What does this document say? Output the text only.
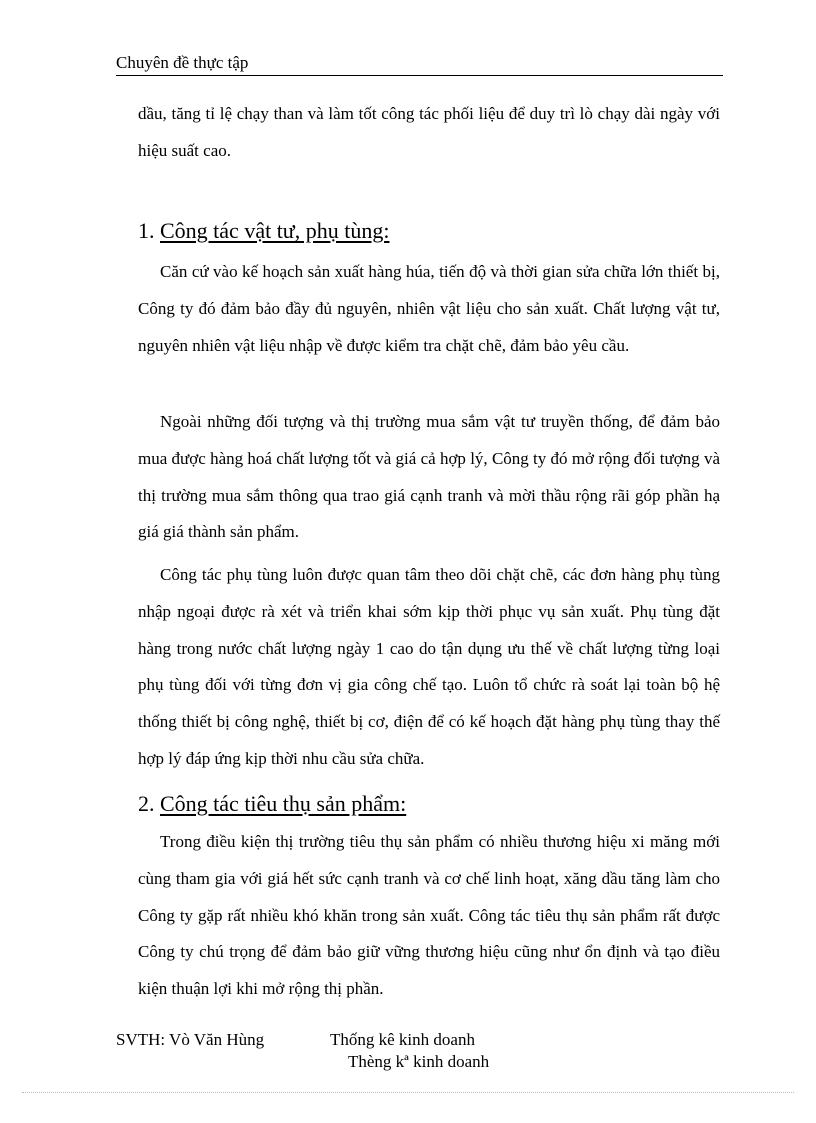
Chuyên đề thực tập

dầu, tăng tỉ lệ chạy than và làm tốt công tác phối liệu để duy trì lò chạy dài ngày với hiệu suất cao.

1. Công tác vật tư, phụ tùng:

Căn cứ vào kế hoạch sản xuất hàng húa, tiến độ và thời gian sửa chữa lớn thiết bị, Công ty đó đảm bảo đầy đủ nguyên, nhiên vật liệu cho sản xuất. Chất lượng vật tư, nguyên nhiên vật liệu nhập về được kiểm tra chặt chẽ, đảm bảo yêu cầu.

Ngoài những đối tượng và thị trường mua sắm vật tư truyền thống, để đảm bảo mua được hàng hoá chất lượng tốt và giá cả hợp lý, Công ty đó mở rộng đối tượng và thị trường mua sắm thông qua trao giá cạnh tranh và mời thầu rộng rãi góp phần hạ giá giá thành sản phẩm.

Công tác phụ tùng luôn được quan tâm theo dõi chặt chẽ, các đơn hàng phụ tùng nhập ngoại được rà xét và triển khai sớm kịp thời phục vụ sản xuất. Phụ tùng đặt hàng trong nước chất lượng ngày 1 cao do tận dụng ưu thế về chất lượng từng loại phụ tùng đối với từng đơn vị gia công chế tạo. Luôn tổ chức rà soát lại toàn bộ hệ thống thiết bị công nghệ, thiết bị cơ, điện để có kế hoạch đặt hàng phụ tùng thay thế hợp lý đáp ứng kịp thời nhu cầu sửa chữa.

2. Công tác tiêu thụ sản phẩm:

Trong điều kiện thị trường tiêu thụ sản phẩm có nhiều thương hiệu xi măng mới cùng tham gia với giá hết sức cạnh tranh và cơ chế linh hoạt, xăng dầu tăng làm cho Công ty gặp rất nhiều khó khăn trong sản xuất. Công tác tiêu thụ sản phẩm rất được Công ty chú trọng để đảm bảo giữ vững thương hiệu cũng như ổn định và tạo điều kiện thuận lợi khi mở rộng thị phần.

SVTH: Vò Văn Hùng	Thống kê kinh doanh
Thèng kª kinh doanh
